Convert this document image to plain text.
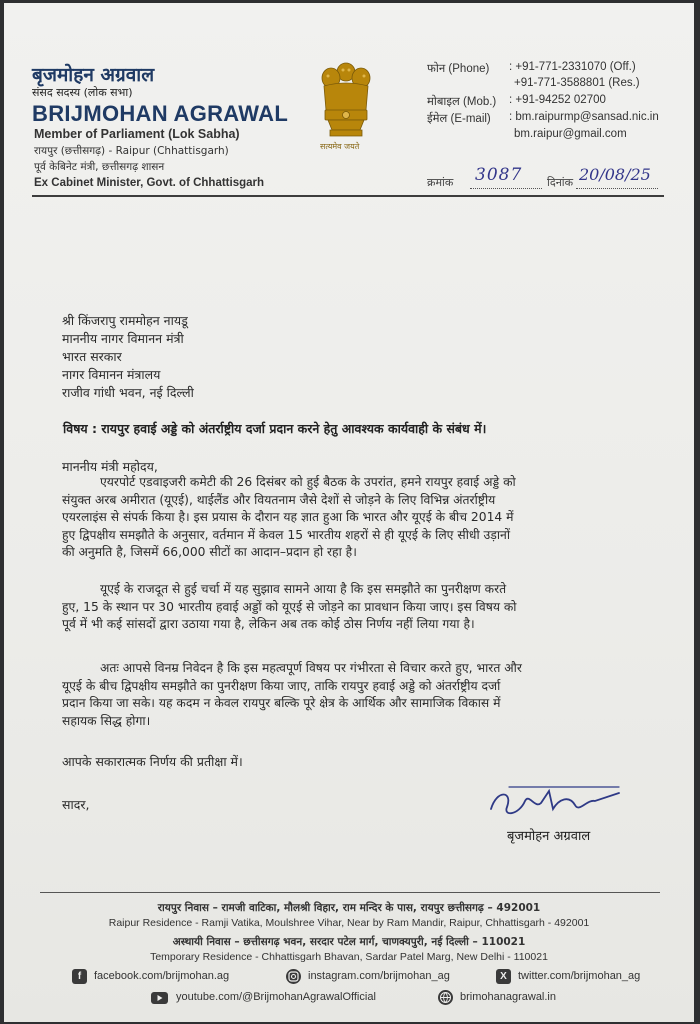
बृजमोहन अग्रवाल
संसद सदस्य (लोक सभा)
BRIJMOHAN AGRAWAL
Member of Parliament (Lok Sabha)
रायपुर (छत्तीसगढ़) - Raipur (Chhattisgarh)
पूर्व केबिनेट मंत्री, छत्तीसगढ़ शासन
Ex Cabinet Minister, Govt. of Chhattisgarh
सत्यमेव जयते
फोन (Phone) : +91-771-2331070 (Off.)
+91-771-3588801 (Res.)
मोबाइल (Mob.) : +91-94252 02700
ईमेल (E-mail) : bm.raipurmp@sansad.nic.in
bm.raipur@gmail.com
क्रमांक 3087 दिनांक 20/08/25
श्री किंजरापु राममोहन नायडू
माननीय नागर विमानन मंत्री
भारत सरकार
नागर विमानन मंत्रालय
राजीव गांधी भवन, नई दिल्ली
विषय : रायपुर हवाई अड्डे को अंतर्राष्ट्रीय दर्जा प्रदान करने हेतु आवश्यक कार्यवाही के संबंध में।
माननीय मंत्री महोदय,
एयरपोर्ट एडवाइजरी कमेटी की 26 दिसंबर को हुई बैठक के उपरांत, हमने रायपुर हवाई अड्डे को
संयुक्त अरब अमीरात (यूएई), थाईलैंड और वियतनाम जैसे देशों से जोड़ने के लिए विभिन्न अंतर्राष्ट्रीय
एयरलाइंस से संपर्क किया है। इस प्रयास के दौरान यह ज्ञात हुआ कि भारत और यूएई के बीच 2014 में
हुए द्विपक्षीय समझौते के अनुसार, वर्तमान में केवल 15 भारतीय शहरों से ही यूएई के लिए सीधी उड़ानों
की अनुमति है, जिसमें 66,000 सीटों का आदान–प्रदान हो रहा है।
यूएई के राजदूत से हुई चर्चा में यह सुझाव सामने आया है कि इस समझौते का पुनरीक्षण करते
हुए, 15 के स्थान पर 30 भारतीय हवाई अड्डों को यूएई से जोड़ने का प्रावधान किया जाए। इस विषय को
पूर्व में भी कई सांसदों द्वारा उठाया गया है, लेकिन अब तक कोई ठोस निर्णय नहीं लिया गया है।
अतः आपसे विनम्र निवेदन है कि इस महत्वपूर्ण विषय पर गंभीरता से विचार करते हुए, भारत और
यूएई के बीच द्विपक्षीय समझौते का पुनरीक्षण किया जाए, ताकि रायपुर हवाई अड्डे को अंतर्राष्ट्रीय दर्जा
प्रदान किया जा सके। यह कदम न केवल रायपुर बल्कि पूरे क्षेत्र के आर्थिक और सामाजिक विकास में
सहायक सिद्ध होगा।
आपके सकारात्मक निर्णय की प्रतीक्षा में।
सादर,
बृजमोहन अग्रवाल
रायपुर निवास – रामजी वाटिका, मौलश्री विहार, राम मन्दिर के पास, रायपुर छत्तीसगढ़ – 492001
Raipur Residence - Ramji Vatika, Moulshree Vihar, Near by Ram Mandir, Raipur, Chhattisgarh - 492001
अस्थायी निवास – छत्तीसगढ़ भवन, सरदार पटेल मार्ग, चाणक्यपुरी, नई दिल्ली – 110021
Temporary Residence - Chhattisgarh Bhavan, Sardar Patel Marg, New Delhi - 110021
f	facebook.com/brijmohan.ag	instagram.com/brijmohan_ag	X	twitter.com/brijmohan_ag
youtube.com/@BrijmohanAgrawalOfficial	brimohanagrawal.in
